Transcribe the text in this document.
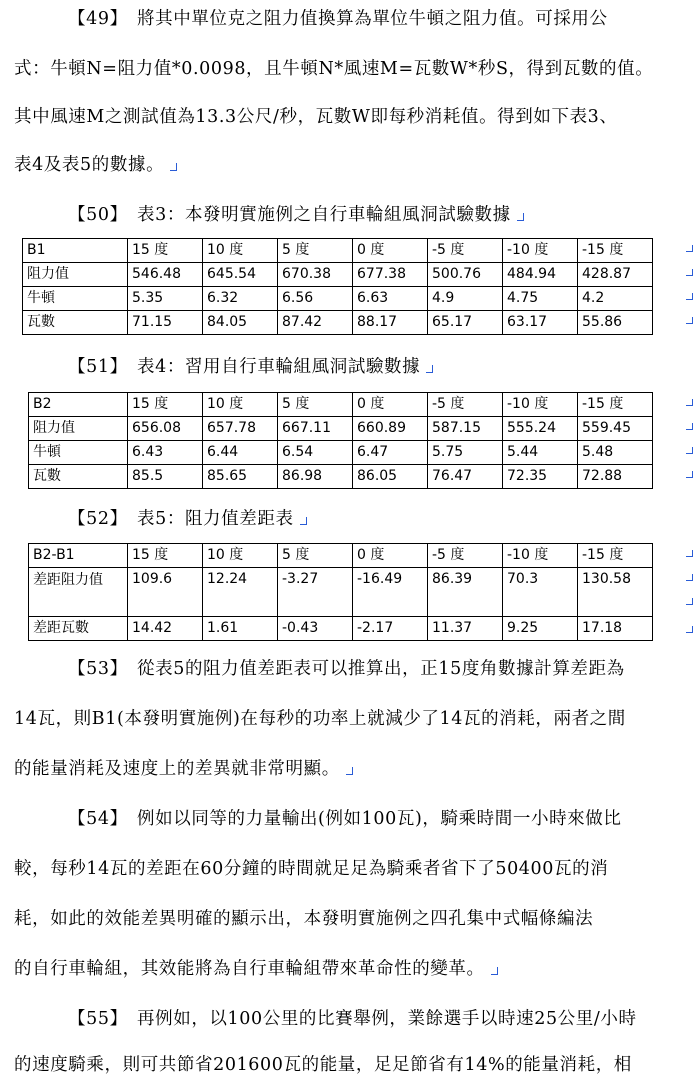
【49】　將其中單位克之阻力值換算為單位牛頓之阻力值。可採用公
式：牛頓N=阻力值*0.0098，且牛頓N*風速M=瓦數W*秒S，得到瓦數的值。
其中風速M之測試值為13.3公尺/秒，瓦數W即每秒消耗值。得到如下表3、
表4及表5的數據。
【50】　表3：本發明實施例之自行車輪組風洞試驗數據
B1	15 度	10 度	5 度	0 度	-5 度	-10 度	-15 度
阻力值	546.48	645.54	670.38	677.38	500.76	484.94	428.87
牛頓	5.35	6.32	6.56	6.63	4.9	4.75	4.2
瓦數	71.15	84.05	87.42	88.17	65.17	63.17	55.86
【51】　表4：習用自行車輪組風洞試驗數據
B2	15 度	10 度	5 度	0 度	-5 度	-10 度	-15 度
阻力值	656.08	657.78	667.11	660.89	587.15	555.24	559.45
牛頓	6.43	6.44	6.54	6.47	5.75	5.44	5.48
瓦數	85.5	85.65	86.98	86.05	76.47	72.35	72.88
【52】　表5：阻力值差距表
B2-B1	15 度	10 度	5 度	0 度	-5 度	-10 度	-15 度
差距阻力值	109.6	12.24	-3.27	-16.49	86.39	70.3	130.58
差距瓦數	14.42	1.61	-0.43	-2.17	11.37	9.25	17.18
【53】　從表5的阻力值差距表可以推算出，正15度角數據計算差距為
14瓦，則B1(本發明實施例)在每秒的功率上就減少了14瓦的消耗，兩者之間
的能量消耗及速度上的差異就非常明顯。
【54】　例如以同等的力量輸出(例如100瓦)，騎乘時間一小時來做比
較，每秒14瓦的差距在60分鐘的時間就足足為騎乘者省下了50400瓦的消
耗，如此的效能差異明確的顯示出，本發明實施例之四孔集中式幅條編法
的自行車輪組，其效能將為自行車輪組帶來革命性的變革。
【55】　再例如，以100公里的比賽舉例，業餘選手以時速25公里/小時
的速度騎乘，則可共節省201600瓦的能量，足足節省有14%的能量消耗，相
